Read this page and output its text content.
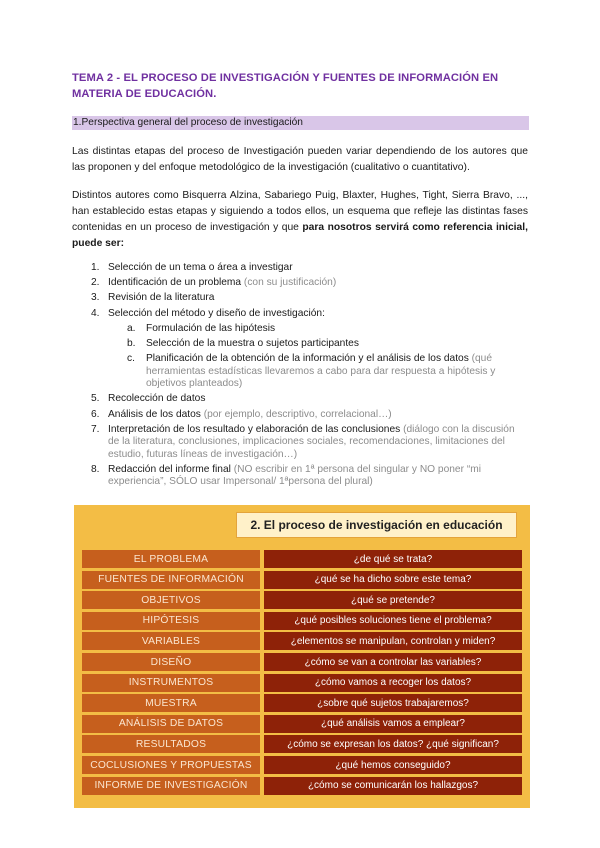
TEMA 2 - EL PROCESO DE INVESTIGACIÓN Y FUENTES DE INFORMACIÓN EN MATERIA DE EDUCACIÓN.
1.Perspectiva general del proceso de investigación
Las distintas etapas del proceso de Investigación pueden variar dependiendo de los autores que las proponen y del enfoque metodológico de la investigación (cualitativo o cuantitativo).
Distintos autores como Bisquerra Alzina, Sabariego Puig, Blaxter, Hughes, Tight, Sierra Bravo, ..., han establecido estas etapas y siguiendo a todos ellos, un esquema que refleje las distintas fases contenidas en un proceso de investigación y que para nosotros servirá como referencia inicial, puede ser:
1. Selección de un tema o área a investigar
2. Identificación de un problema (con su justificación)
3. Revisión de la literatura
4. Selección del método y diseño de investigación:
a. Formulación de las hipótesis
b. Selección de la muestra o sujetos participantes
c. Planificación de la obtención de la información y el análisis de los datos (qué herramientas estadísticas llevaremos a cabo para dar respuesta a hipótesis y objetivos planteados)
5. Recolección de datos
6. Análisis de los datos (por ejemplo, descriptivo, correlacional…)
7. Interpretación de los resultado y elaboración de las conclusiones (diálogo con la discusión de la literatura, conclusiones, implicaciones sociales, recomendaciones, limitaciones del estudio, futuras líneas de investigación…)
8. Redacción del informe final (NO escribir en 1ª persona del singular y NO poner “mi experiencia”, SÓLO usar Impersonal/ 1ªpersona del plural)
2. El proceso de investigación en educación
EL PROBLEMA	¿de qué se trata?
FUENTES DE INFORMACIÓN	¿qué se ha dicho sobre este tema?
OBJETIVOS	¿qué se pretende?
HIPÓTESIS	¿qué posibles soluciones tiene el problema?
VARIABLES	¿elementos se manipulan, controlan y miden?
DISEÑO	¿cómo se van a controlar las variables?
INSTRUMENTOS	¿cómo vamos a recoger los datos?
MUESTRA	¿sobre qué sujetos trabajaremos?
ANÁLISIS DE DATOS	¿qué análisis vamos a emplear?
RESULTADOS	¿cómo se expresan los datos? ¿qué significan?
COCLUSIONES Y PROPUESTAS	¿qué hemos conseguido?
INFORME DE INVESTIGACIÓN	¿cómo se comunicarán los hallazgos?
